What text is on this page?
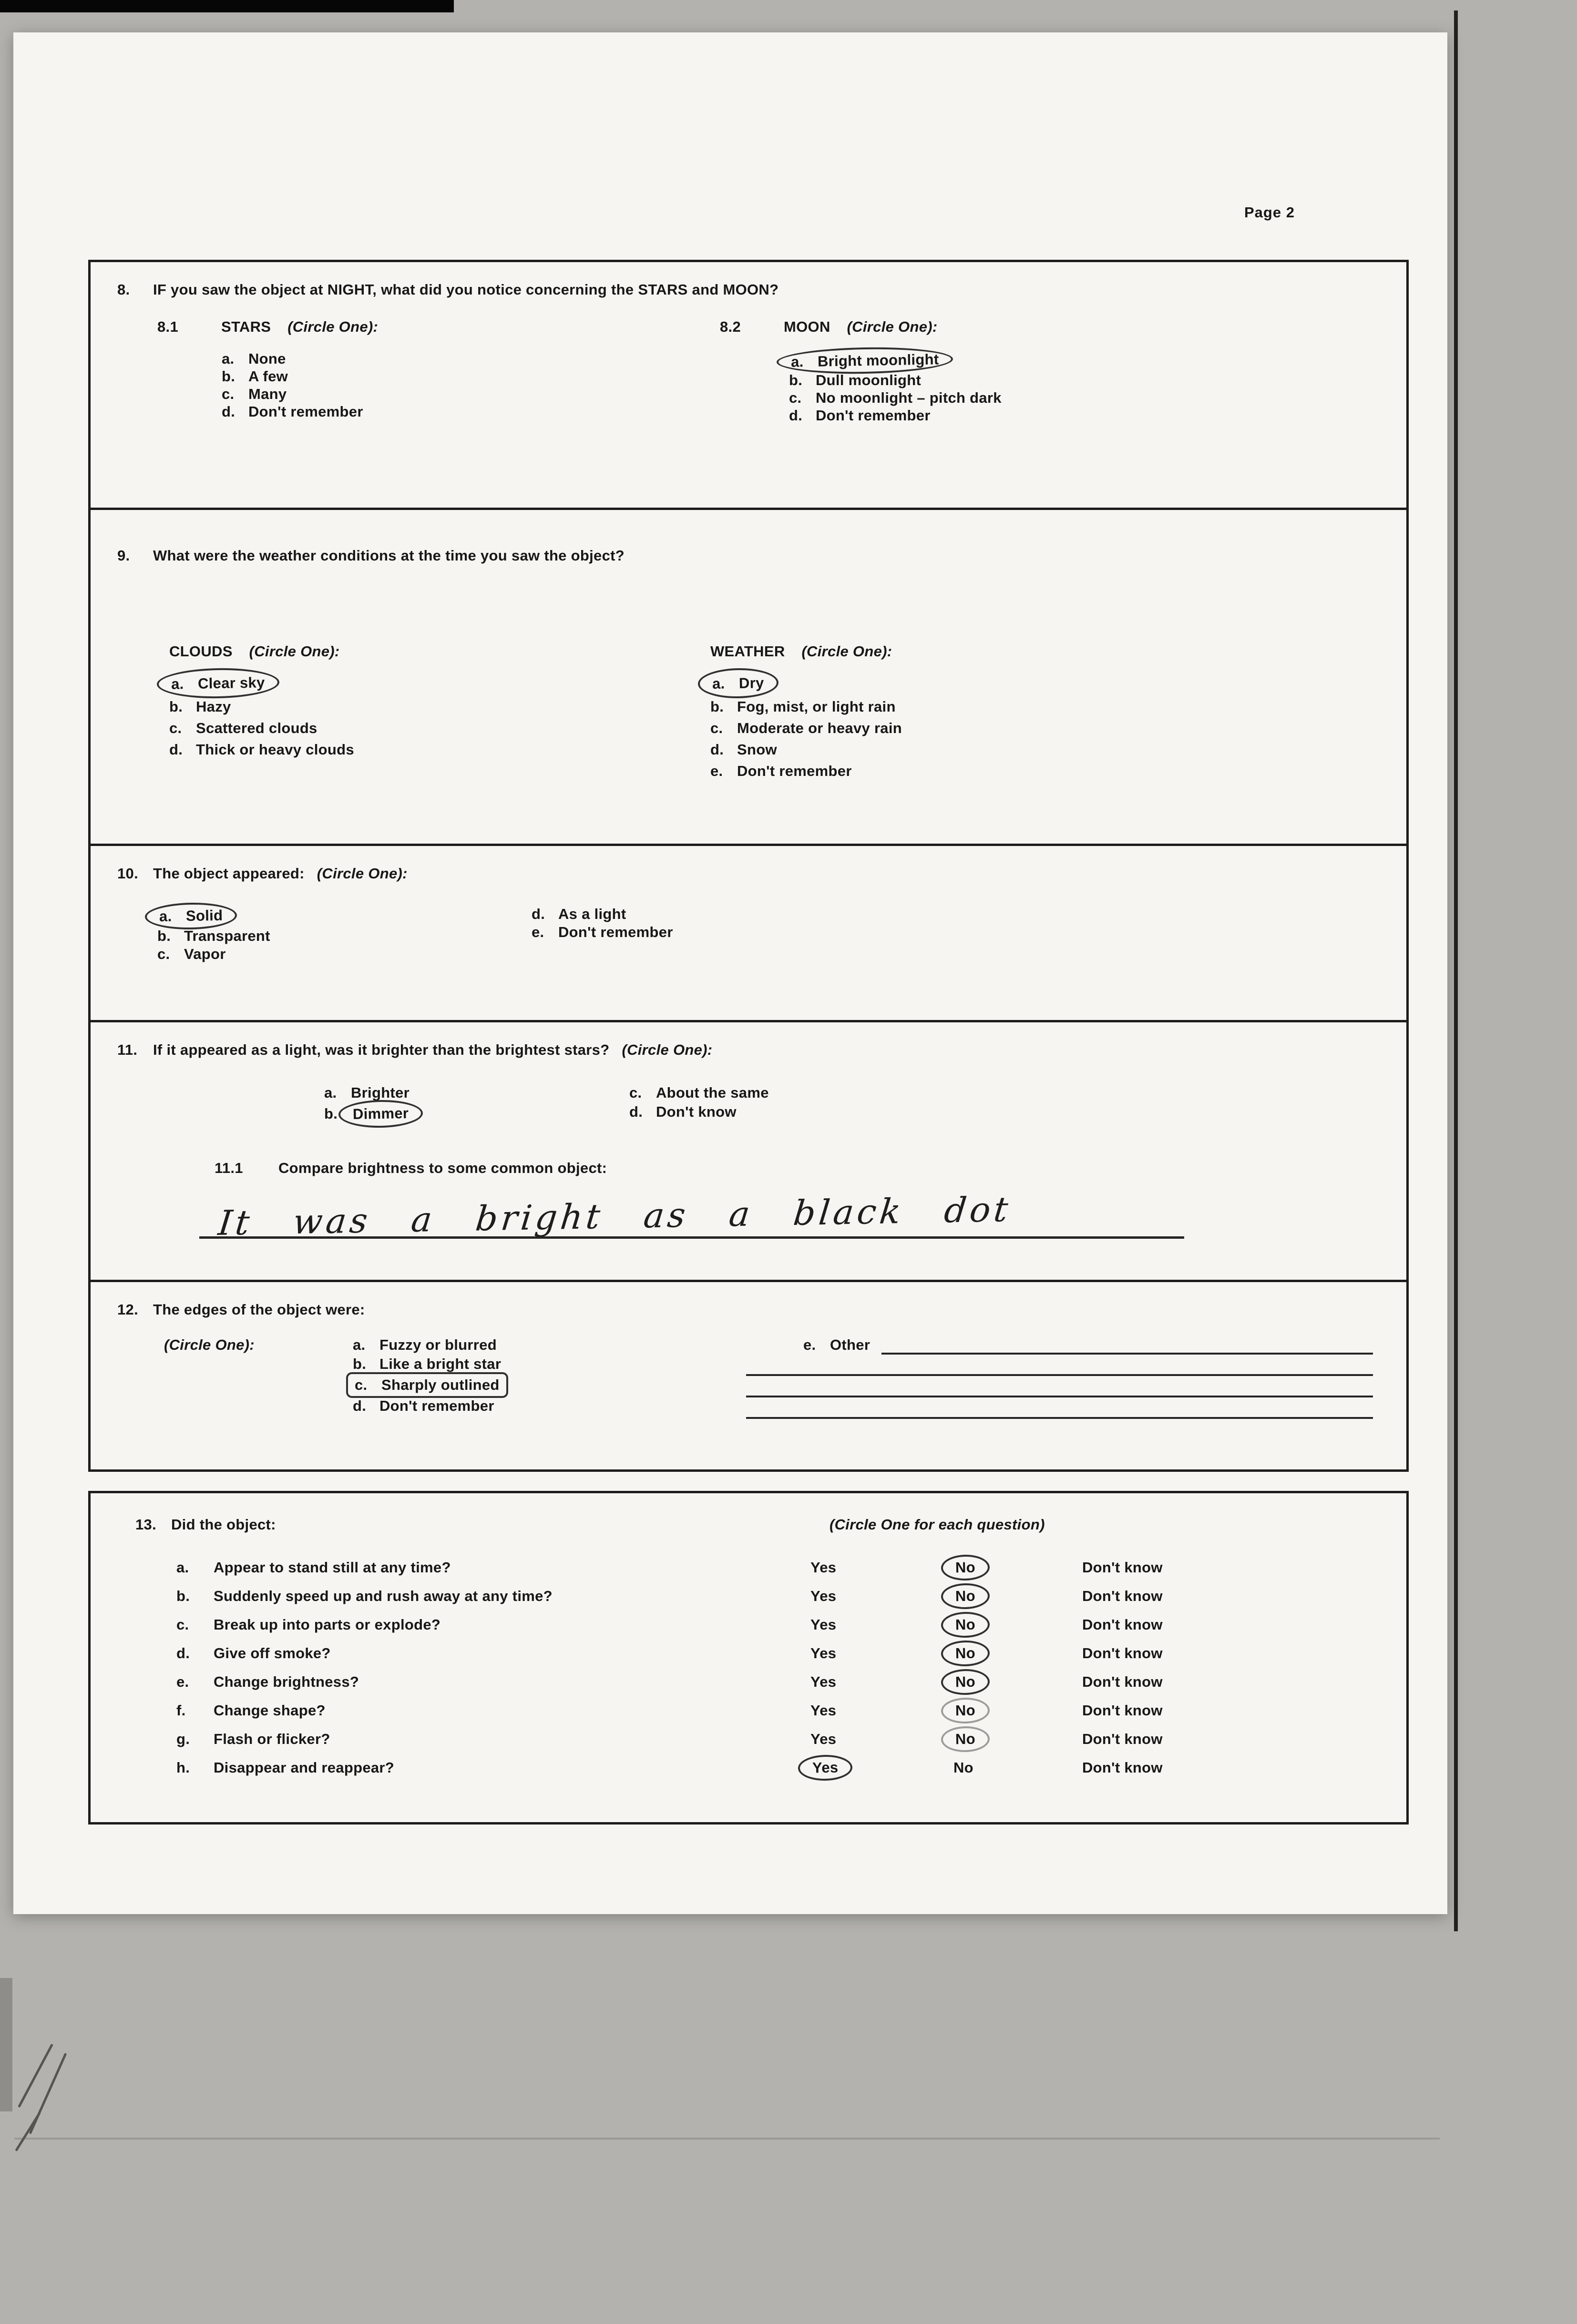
Page 2
8.	IF you saw the object at NIGHT, what did you notice concerning the STARS and MOON?
8.1	STARS (Circle One):
a. None
b. A few
c. Many
d. Don't remember
8.2	MOON (Circle One):
a. Bright moonlight
b. Dull moonlight
c. No moonlight – pitch dark
d. Don't remember
9.	What were the weather conditions at the time you saw the object?
CLOUDS (Circle One):
a. Clear sky
b. Hazy
c. Scattered clouds
d. Thick or heavy clouds
WEATHER (Circle One):
a. Dry
b. Fog, mist, or light rain
c. Moderate or heavy rain
d. Snow
e. Don't remember
10.	The object appeared: (Circle One):
a. Solid
b. Transparent
c. Vapor
d. As a light
e. Don't remember
11.	If it appeared as a light, was it brighter than the brightest stars? (Circle One):
a. Brighter
b. Dimmer
c. About the same
d. Don't know
11.1	Compare brightness to some common object:
It was a bright as a black dot
12.	The edges of the object were:
(Circle One):	a. Fuzzy or blurred
b. Like a bright star
c. Sharply outlined
d. Don't remember
e. Other
13.	Did the object:	(Circle One for each question)
a.	Appear to stand still at any time?	Yes	No	Don't know
b.	Suddenly speed up and rush away at any time?	Yes	No	Don't know
c.	Break up into parts or explode?	Yes	No	Don't know
d.	Give off smoke?	Yes	No	Don't know
e.	Change brightness?	Yes	No	Don't know
f.	Change shape?	Yes	No	Don't know
g.	Flash or flicker?	Yes	No	Don't know
h.	Disappear and reappear?	Yes	No	Don't know
